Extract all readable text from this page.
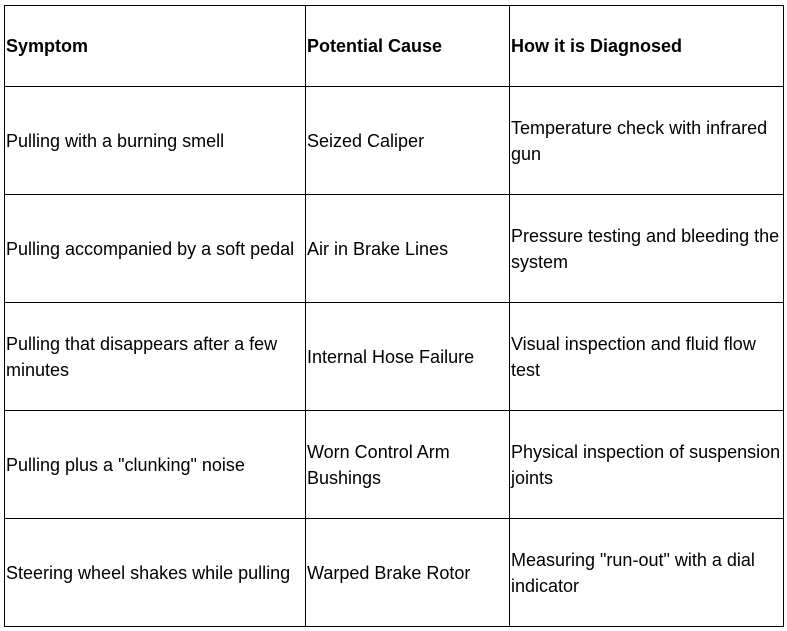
Symptom	Potential Cause	How it is Diagnosed
Pulling with a burning smell	Seized Caliper	Temperature check with infrared gun
Pulling accompanied by a soft pedal	Air in Brake Lines	Pressure testing and bleeding the system
Pulling that disappears after a few minutes	Internal Hose Failure	Visual inspection and fluid flow test
Pulling plus a "clunking" noise	Worn Control Arm Bushings	Physical inspection of suspension joints
Steering wheel shakes while pulling	Warped Brake Rotor	Measuring "run-out" with a dial indicator
